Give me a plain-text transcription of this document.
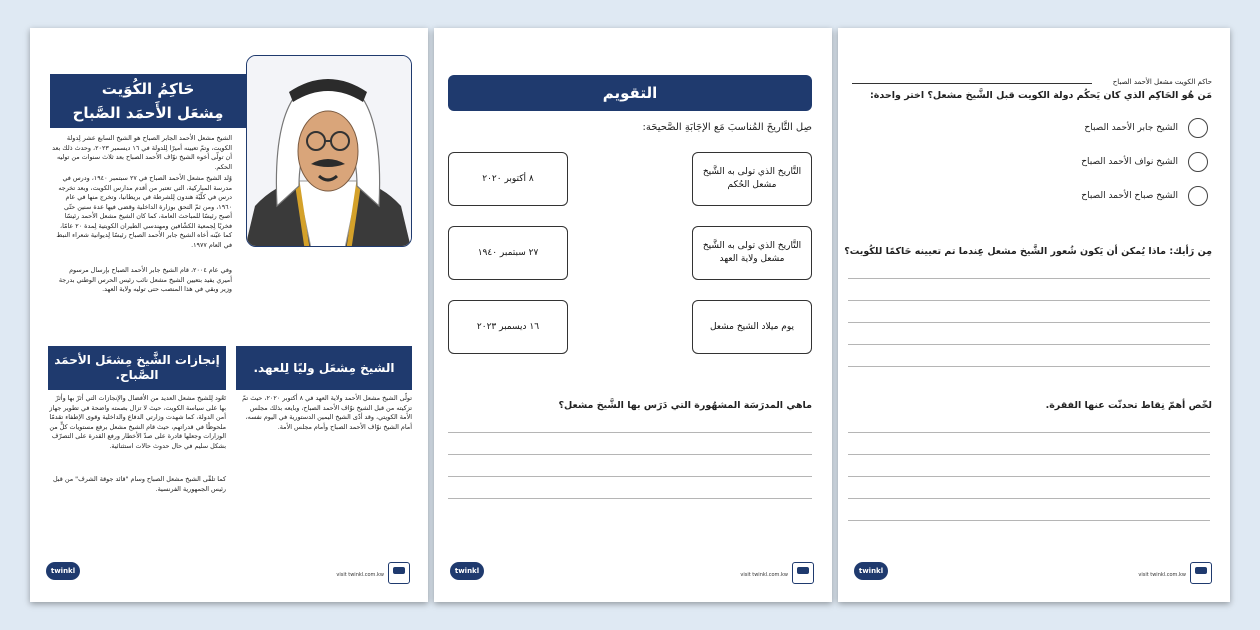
حَاكِمُ الكُوَيت
مِشعَل الأَحمَد الصَّباح
الشيخ مشعل الأحمد الجابر الصباح هو الشيخ السابع عشر لِدولة الكويت، وتمّ تعيينه أميرًا لِلدولة في ١٦ ديسمبر ٢٠٢٣، وحدث ذلك بعد أن تولّى أخوه الشيخ نوّاف الأحمد الصباح بعد ثلاث سنوات من توليه الحكم.
وُلد الشيخ مشعل الأحمد الصباح في ٢٧ سبتمبر ١٩٤٠، ودرس في مدرسة المباركية، التي تعتبر من أقدم مدارس الكويت، وبعد تخرجه درس في كلّيّة هندون لِلشرطة في بريطانيا، وتخرج منها في عام ١٩٦٠، ومن ثمّ التحق بوزارة الداخلية وقضى فيها عدة سنين حتّى أصبح رئيسًا للمباحث العامة، كما كان الشيخ مشعل الأحمد رئيسًا فخريًا لِجمعية الكشّافين ومهندسي الطيران الكويتية لِمدة ٢٠ عامًا، كما عيّنه أخاه الشيخ جابر الأحمد الصباح رئيسًا لِديوانية شعراء النبط في العام ١٩٧٧.
وفي عام ٢٠٠٤، قام الشيخ جابر الأحمد الصباح بإرسال مرسوم أميري يفيد بتعيين الشيخ مشعل نائب رئيس الحرس الوطني بدرجة وزير وبقي في هذا المنصب حتى توليه ولاية العهد.
الشيخ مِشعَل وليًا لِلعهد.
تولّى الشيخ مشعل الأحمد ولاية العهد في ٨ أكتوبر ٢٠٢٠، حيث تمّ تزكيته من قبل الشيخ نوّاف الأحمد الصباح، وبايعه بذلك مجلس الأمة الكويتي، وقد أدّى الشيخ اليمين الدستورية في اليوم نفسه، أمام الشيخ نوّاف الأحمد الصباح وأمام مجلس الأمة.
إنجازات الشَّيخ مِشعَل الأحمَد الصَّباح.
تَعُود لِلشيخ مشعل العديد من الأفضال والإنجازات التي أثرّ بها وأثرّ بها على سياسة الكويت، حيث لا تزال بصمته واضحة في تطوير جهاز أمن الدولة، كما شهدت وزارتي الدفاع والداخلية وقوى الإطفاء تقدمًا ملحوظًا في قدراتهم، حيث قام الشيخ مشعل برفع مستويات كلٍّ من الوزارات وجعلها قادرة على صدّ الأخطار ورفع القدرة على التصرّف بشكل سليم في حال حدوث حالات استثنائية.
كما تلقّى الشيخ مشعل الصباح وسام "قائد جوقة الشرف" من قبل رئيس الجمهورية الفرنسية.
twinkl	visit twinkl.com.kw
التقويم
صِل التَّاريخَ المُناسبَ مَع الإجَابَةِ الصَّحيحَة:
التَّاريخ الذي تولى به الشَّيخ مشعل الحُكم
التَّاريخ الذي تولى به الشَّيخ مشعل ولاية العهد
يوم ميلاد الشيخ مشعل
٨ أكتوبر ٢٠٢٠
٢٧ سبتمبر ١٩٤٠
١٦ ديسمبر ٢٠٢٣
ماهي المدرَسَة المشهُورة التي دَرَس بها الشَّيخ مشعل؟
twinkl	visit twinkl.com.kw
حاكم الكويت مشعل الأحمد الصباح
مَن هُو الحَاكِم الذي كان يَحكُم دولة الكويت قبل الشَّيخ مشعل؟ اختر واحدة:
الشيخ جابر الأحمد الصباح
الشيخ نواف الأحمد الصباح
الشيخ صباح الأحمد الصباح
مِن رَأيك: ماذا يُمكن أن يَكون شُعور الشَّيخ مشعل عِندما تم تعيينه حَاكمًا للكُويت؟
لخّص أهمّ نِقاط تحدثّت عنها الفقرة.
twinkl	visit twinkl.com.kw
